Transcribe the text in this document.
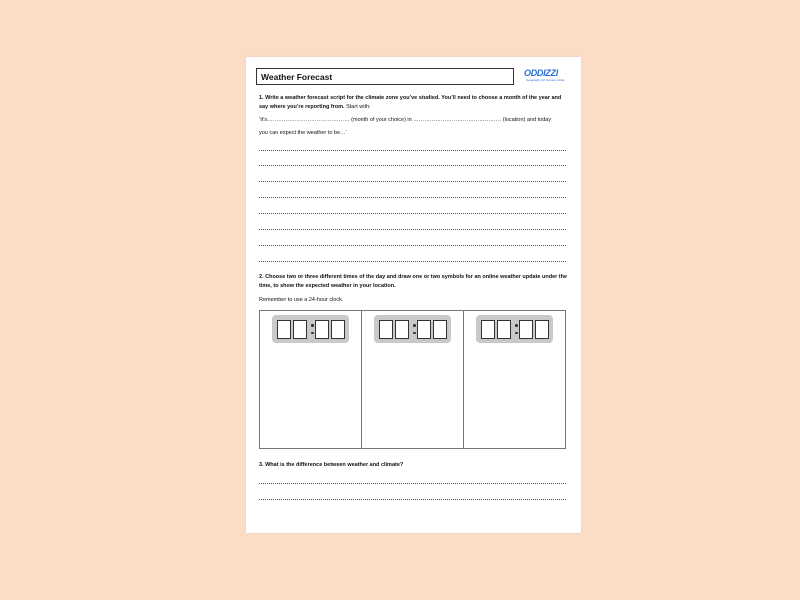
Weather Forecast	ODDIZZI
Geography for curious minds
1. Write a weather forecast script for the climate zone you’ve studied. You’ll need to choose a month of the year and say where you’re reporting from. Start with:
‘It’s……………………………………… (month of your choice) in ………………………………………… (location) and today
you can expect the weather to be…’
2. Choose two or three different times of the day and draw one or two symbols for an online weather update under the time, to show the expected weather in your location.
Remember to use a 24-hour clock.
3. What is the difference between weather and climate?
